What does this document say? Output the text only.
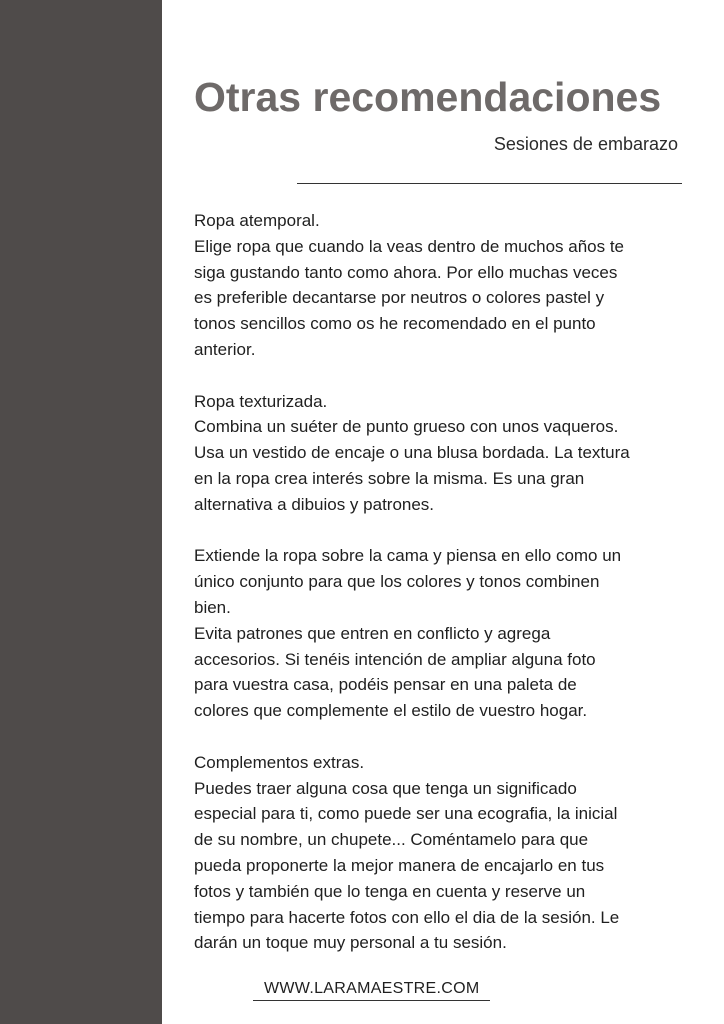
Otras recomendaciones

Sesiones de embarazo

Ropa atemporal.
Elige ropa que cuando la veas dentro de muchos años te
siga gustando tanto como ahora. Por ello muchas veces
es preferible decantarse por neutros o colores pastel y
tonos sencillos como os he recomendado en el punto
anterior.
Ropa texturizada.
Combina un suéter de punto grueso con unos vaqueros.
Usa un vestido de encaje o una blusa bordada. La textura
en la ropa crea interés sobre la misma. Es una gran
alternativa a dibuios y patrones.
Extiende la ropa sobre la cama y piensa en ello como un
único conjunto para que los colores y tonos combinen
bien.
Evita patrones que entren en conflicto y agrega
accesorios. Si tenéis intención de ampliar alguna foto
para vuestra casa, podéis pensar en una paleta de
colores que complemente el estilo de vuestro hogar.
Complementos extras.
Puedes traer alguna cosa que tenga un significado
especial para ti, como puede ser una ecografia, la inicial
de su nombre, un chupete... Coméntamelo para que
pueda proponerte la mejor manera de encajarlo en tus
fotos y también que lo tenga en cuenta y reserve un
tiempo para hacerte fotos con ello el dia de la sesión. Le
darán un toque muy personal a tu sesión.

WWW.LARAMAESTRE.COM
